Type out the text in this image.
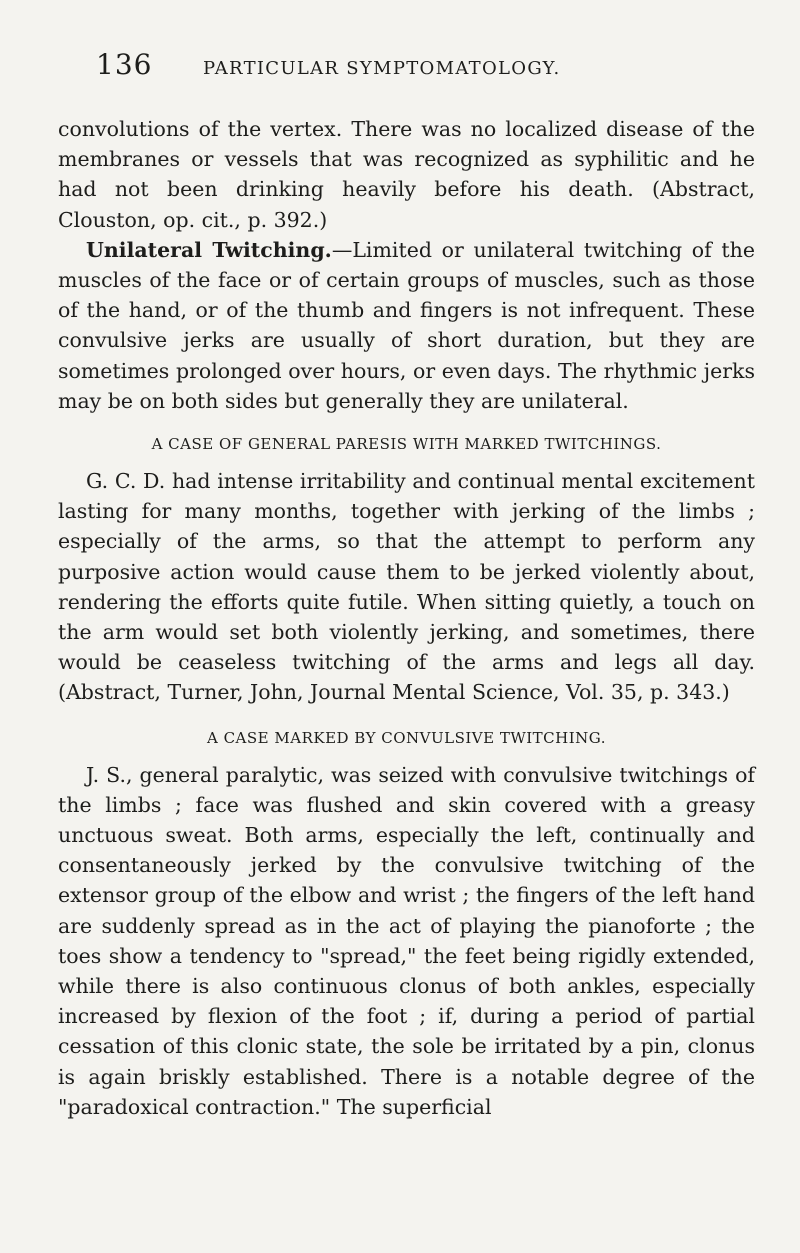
136	PARTICULAR SYMPTOMATOLOGY.

convolutions of the vertex. There was no localized disease of the membranes or vessels that was recognized as syphilitic and he had not been drinking heavily before his death. (Abstract, Clouston, op. cit., p. 392.)

Unilateral Twitching.—Limited or unilateral twitching of the muscles of the face or of certain groups of muscles, such as those of the hand, or of the thumb and fingers is not infrequent. These convulsive jerks are usually of short duration, but they are sometimes prolonged over hours, or even days. The rhythmic jerks may be on both sides but generally they are unilateral.

A CASE OF GENERAL PARESIS WITH MARKED TWITCHINGS.

G. C. D. had intense irritability and continual mental excitement lasting for many months, together with jerking of the limbs ; especially of the arms, so that the attempt to perform any purposive action would cause them to be jerked violently about, rendering the efforts quite futile. When sitting quietly, a touch on the arm would set both violently jerking, and sometimes, there would be ceaseless twitching of the arms and legs all day. (Abstract, Turner, John, Journal Mental Science, Vol. 35, p. 343.)

A CASE MARKED BY CONVULSIVE TWITCHING.

J. S., general paralytic, was seized with convulsive twitchings of the limbs ; face was flushed and skin covered with a greasy unctuous sweat. Both arms, especially the left, continually and consentaneously jerked by the convulsive twitching of the extensor group of the elbow and wrist ; the fingers of the left hand are suddenly spread as in the act of playing the pianoforte ; the toes show a tendency to "spread," the feet being rigidly extended, while there is also continuous clonus of both ankles, especially increased by flexion of the foot ; if, during a period of partial cessation of this clonic state, the sole be irritated by a pin, clonus is again briskly established. There is a notable degree of the "paradoxical contraction." The superficial
